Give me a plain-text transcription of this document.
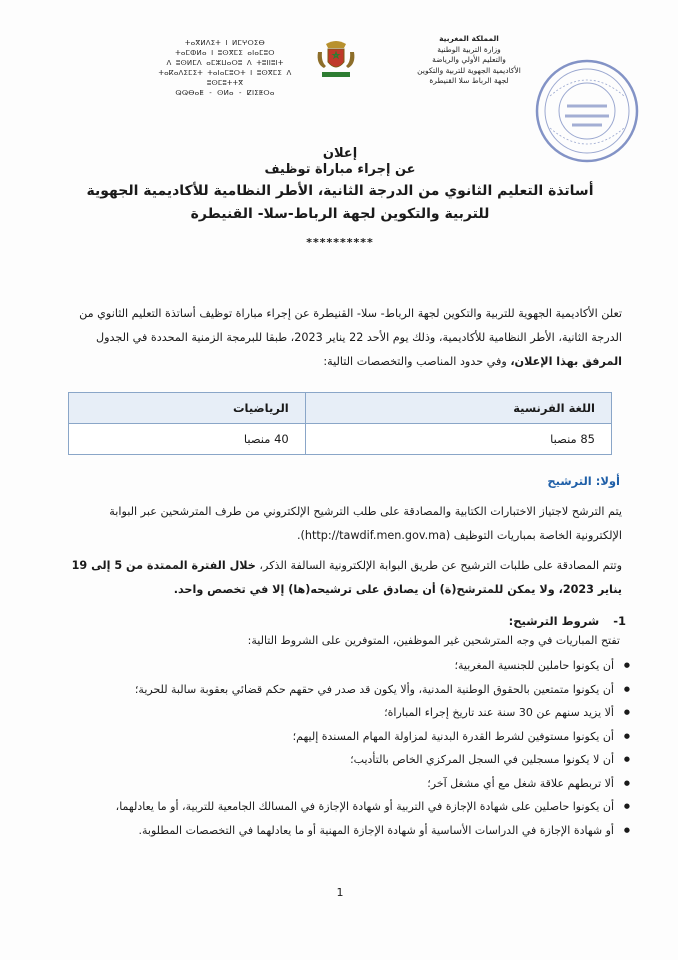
المملكة المغربية
وزارة التربية الوطنية
والتعليم الأولي والرياضة
الأكاديمية الجهوية للتربية والتكوين
لجهة الرباط سلا القنيطرة
ⵜⴰⴳⵍⴷⵉⵜ ⵏ ⵍⵎⵖⵔⵉⴱ
ⵜⴰⵎⵀⵍⴰ ⵏ ⵓⵙⴳⵎⵉ ⴰⵏⴰⵎⵓⵔ
ⴷ ⵓⵙⵍⵎⴷ ⴰⵎⵣⵡⴰⵔⵓ ⴷ ⵜⵓⵏⵏⵓⵏⵜ
ⵜⴰⴽⴰⴷⵉⵎⵉⵜ ⵜⴰⵏⴰⵎⵓⵔⵜ ⵏ ⵓⵙⴳⵎⵉ ⴷ ⵓⵙⵎⵓⵜⵜⴳ
ⵕⵕⴱⴰⵟ - ⵙⵍⴰ - ⵇⵏⵉⵟⵔⴰ
إعلان
عن إجراء مباراة توظيف
أساتذة التعليم الثانوي من الدرجة الثانية، الأطر النظامية للأكاديمية الجهوية
للتربية والتكوين لجهة الرباط-سلا- القنيطرة
**********
تعلن الأكاديمية الجهوية للتربية والتكوين لجهة الرباط- سلا- القنيطرة عن إجراء مباراة توظيف أساتذة التعليم الثانوي من الدرجة الثانية، الأطر النظامية للأكاديمية، وذلك يوم الأحد 22 يناير 2023، طبقا للبرمجة الزمنية المحددة في الجدول المرفق بهذا الإعلان، وفي حدود المناصب والتخصصات التالية:
اللغة الفرنسية	الرياضيات
85 منصبا	40 منصبا
أولا: الترشيح
يتم الترشح لاجتياز الاختبارات الكتابية والمصادقة على طلب الترشيح الإلكتروني من طرف المترشحين عبر البوابة الإلكترونية الخاصة بمباريات التوظيف (http://tawdif.men.gov.ma).
وتتم المصادقة على طلبات الترشيح عن طريق البوابة الإلكترونية السالفة الذكر، خلال الفترة الممتدة من 5 إلى 19 يناير 2023، ولا يمكن للمترشح(ة) أن يصادق على ترشيحه(ها) إلا في تخصص واحد.
1- شروط الترشيح:
تفتح المباريات في وجه المترشحين غير الموظفين، المتوفرين على الشروط التالية:
● أن يكونوا حاملين للجنسية المغربية؛
● أن يكونوا متمتعين بالحقوق الوطنية المدنية، وألا يكون قد صدر في حقهم حكم قضائي بعقوبة سالبة للحرية؛
● ألا يزيد سنهم عن 30 سنة عند تاريخ إجراء المباراة؛
● أن يكونوا مستوفين لشرط القدرة البدنية لمزاولة المهام المسندة إليهم؛
● أن لا يكونوا مسجلين في السجل المركزي الخاص بالتأديب؛
● ألا تربطهم علاقة شغل مع أي مشغل آخر؛
● أن يكونوا حاصلين على شهادة الإجازة في التربية أو شهادة الإجازة في المسالك الجامعية للتربية، أو ما يعادلهما،
● أو شهادة الإجازة في الدراسات الأساسية أو شهادة الإجازة المهنية أو ما يعادلهما في التخصصات المطلوبة.
1
